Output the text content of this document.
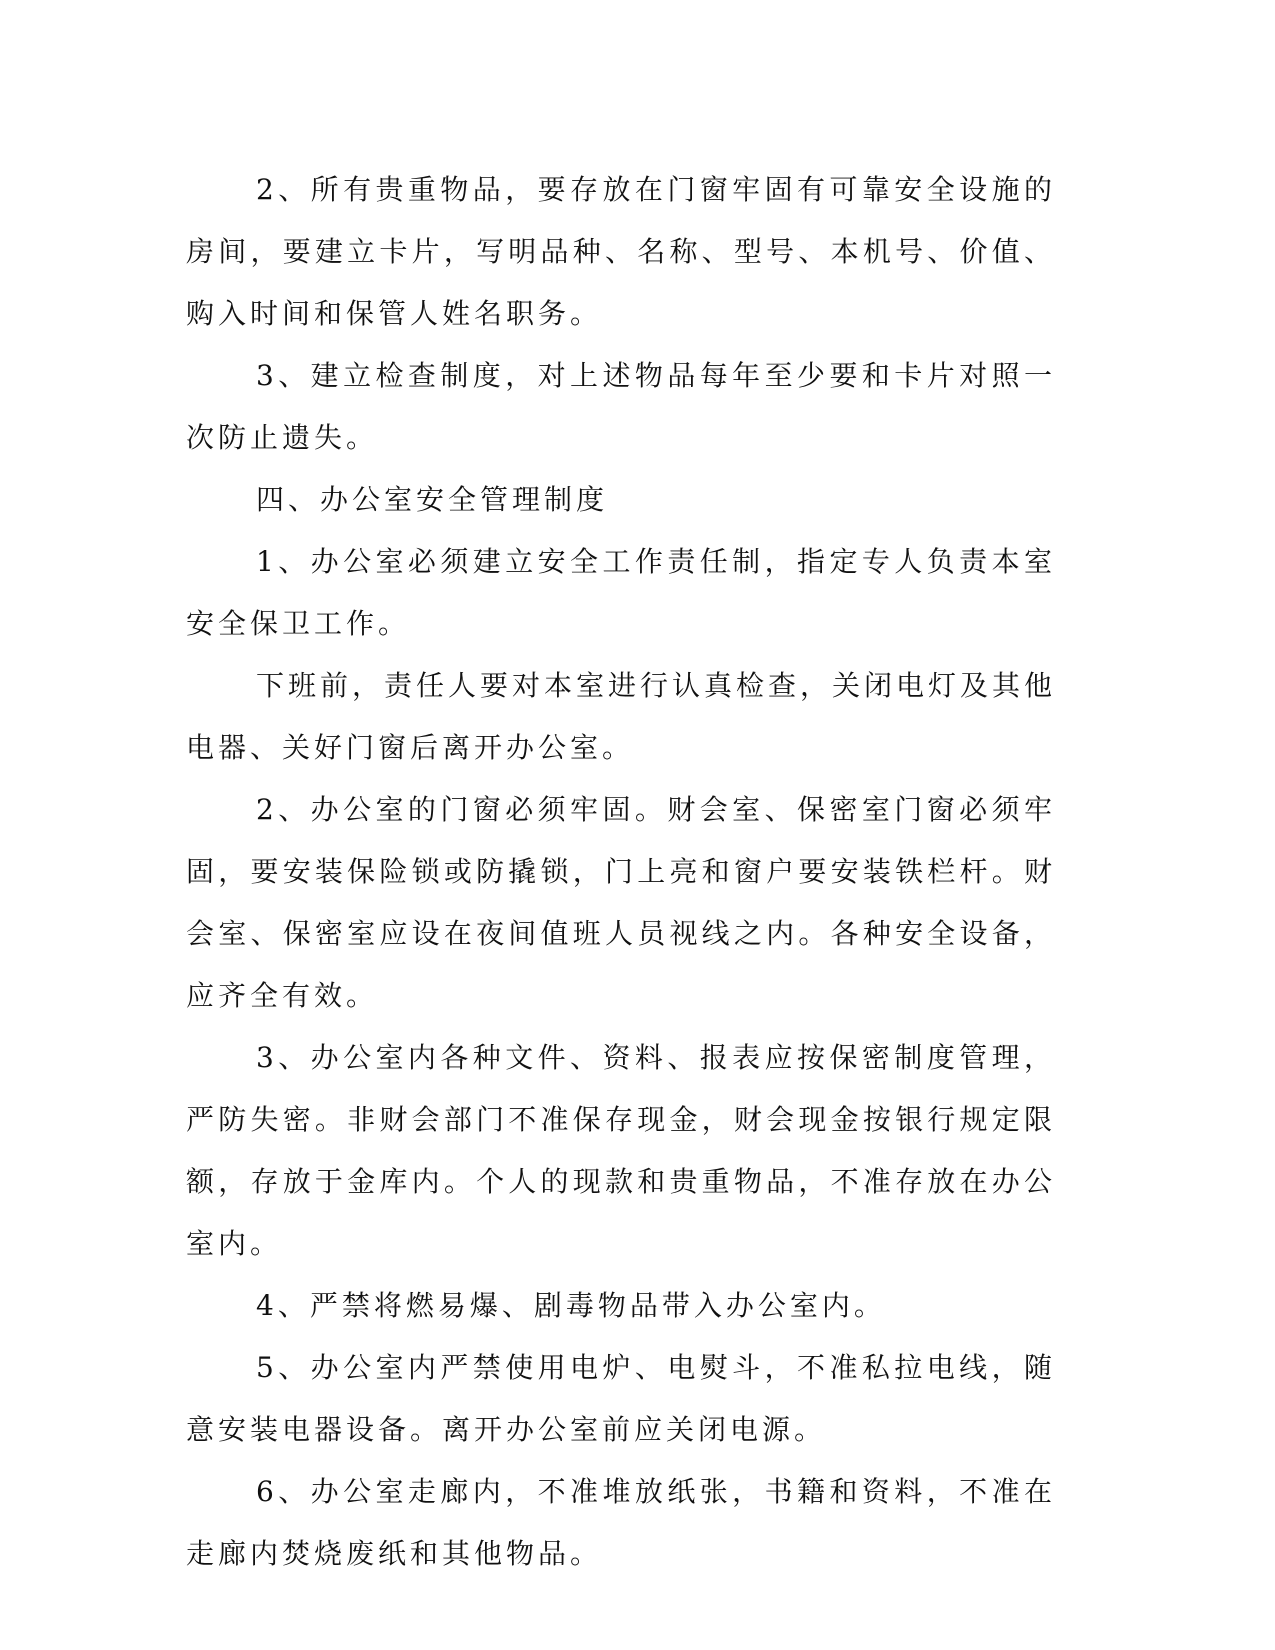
2、所有贵重物品，要存放在门窗牢固有可靠安全设施的房间，要建立卡片，写明品种、名称、型号、本机号、价值、购入时间和保管人姓名职务。

3、建立检查制度，对上述物品每年至少要和卡片对照一次防止遗失。

四、办公室安全管理制度

1、办公室必须建立安全工作责任制，指定专人负责本室安全保卫工作。

下班前，责任人要对本室进行认真检查，关闭电灯及其他电器、关好门窗后离开办公室。

2、办公室的门窗必须牢固。财会室、保密室门窗必须牢固，要安装保险锁或防撬锁，门上亮和窗户要安装铁栏杆。财会室、保密室应设在夜间值班人员视线之内。各种安全设备，应齐全有效。

3、办公室内各种文件、资料、报表应按保密制度管理，严防失密。非财会部门不准保存现金，财会现金按银行规定限额，存放于金库内。个人的现款和贵重物品，不准存放在办公室内。

4、严禁将燃易爆、剧毒物品带入办公室内。

5、办公室内严禁使用电炉、电熨斗，不准私拉电线，随意安装电器设备。离开办公室前应关闭电源。

6、办公室走廊内，不准堆放纸张，书籍和资料，不准在走廊内焚烧废纸和其他物品。
